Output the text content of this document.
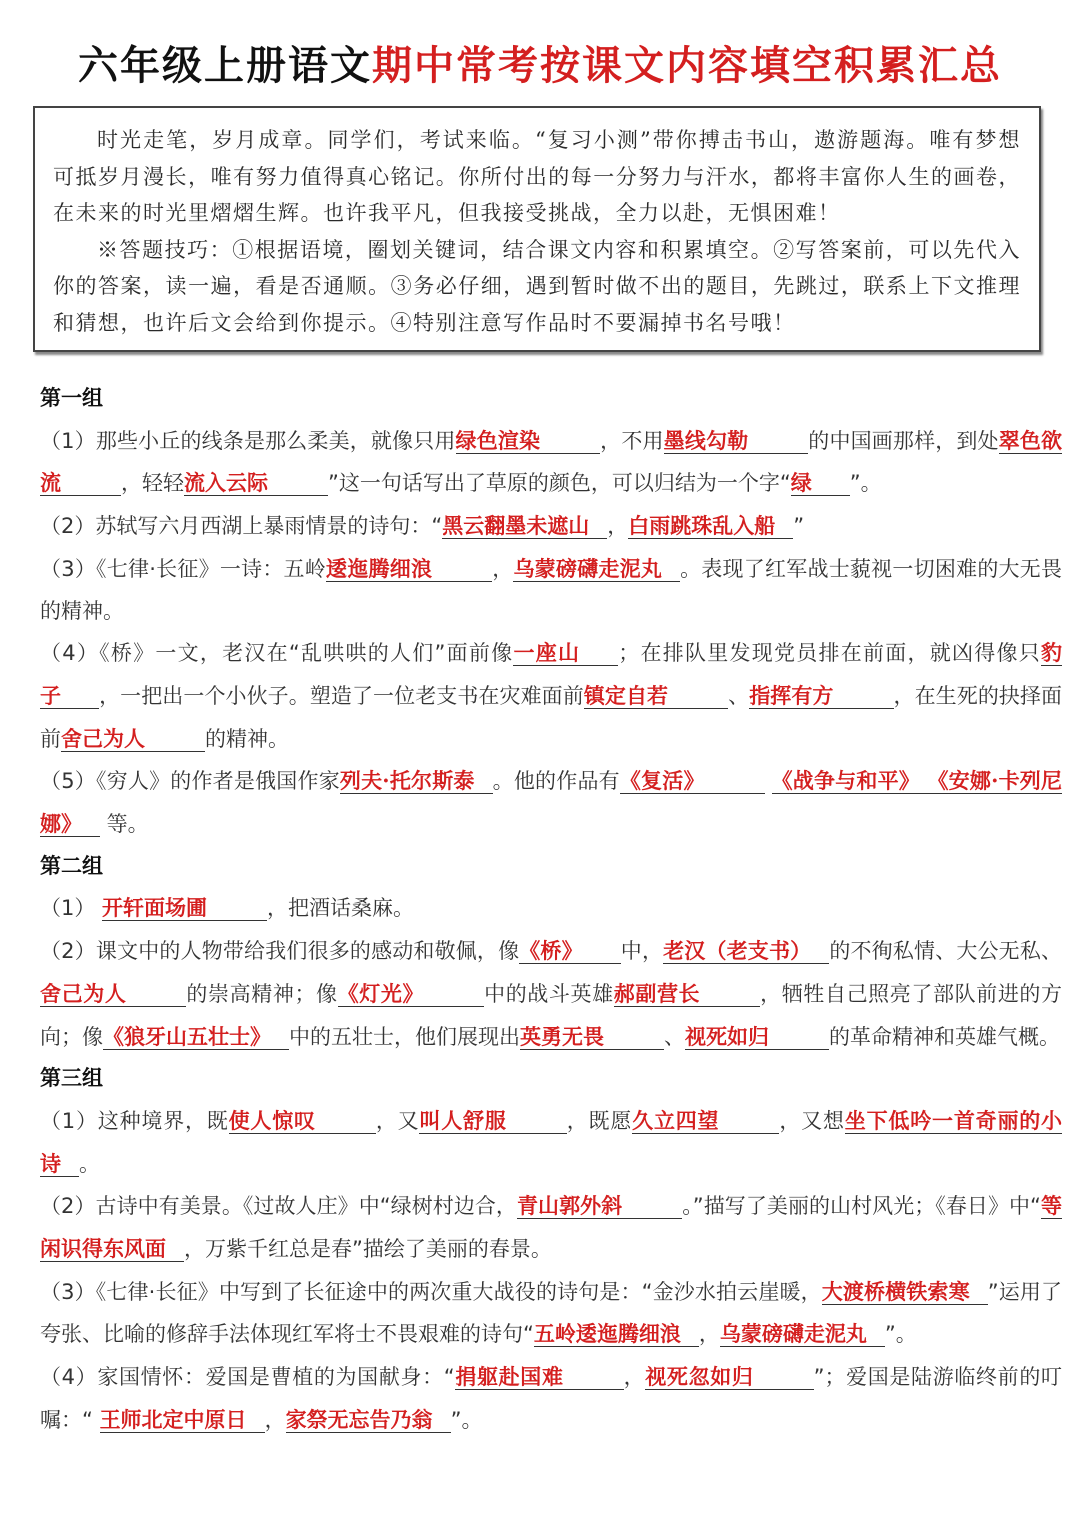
六年级上册语文期中常考按课文内容填空积累汇总

时光走笔，岁月成章。同学们，考试来临。“复习小测”带你搏击书山，遨游题海。唯有梦想可抵岁月漫长，唯有努力值得真心铭记。你所付出的每一分努力与汗水，都将丰富你人生的画卷，在未来的时光里熠熠生辉。也许我平凡，但我接受挑战，全力以赴，无惧困难！

※答题技巧：①根据语境，圈划关键词，结合课文内容和积累填空。②写答案前，可以先代入你的答案，读一遍，看是否通顺。③务必仔细，遇到暂时做不出的题目，先跳过，联系上下文推理和猜想，也许后文会给到你提示。④特别注意写作品时不要漏掉书名号哦！

第一组

（1）那些小丘的线条是那么柔美，就像只用绿色渲染	，不用墨线勾勒	的中国画那样，到处翠色欲流	，轻轻流入云际	”这一句话写出了草原的颜色，可以归结为一个字“绿 ”。

（2）苏轼写六月西湖上暴雨情景的诗句：“黑云翻墨未遮山 ，白雨跳珠乱入船 ”

（3）《七律·长征》一诗：五岭逶迤腾细浪	，乌蒙磅礴走泥丸 。表现了红军战士藐视一切困难的大无畏的精神。

（4）《桥》一文，老汉在“乱哄哄的人们”面前像一座山 ；在排队里发现党员排在前面，就凶得像只豹子 ，一把出一个小伙子。塑造了一位老支书在灾难面前镇定自若	、指挥有方	，在生死的抉择面前舍己为人	的精神。

（5）《穷人》的作者是俄国作家列夫·托尔斯泰 。他的作品有《复活》	《战争与和平》 《安娜·卡列尼娜》 等。

第二组

（1） 开轩面场圃	，把酒话桑麻。

（2）课文中的人物带给我们很多的感动和敬佩，像《桥》 中，老汉（老支书） 的不徇私情、大公无私、舍己为人	的崇高精神；像《灯光》	中的战斗英雄郝副营长	，牺牲自己照亮了部队前进的方向；像《狼牙山五壮士》 中的五壮士，他们展现出英勇无畏	、视死如归	的革命精神和英雄气概。

第三组

（1）这种境界，既使人惊叹	，又叫人舒服	，既愿久立四望	，又想坐下低吟一首奇丽的小诗 。

（2）古诗中有美景。《过故人庄》中“绿树村边合，青山郭外斜	。”描写了美丽的山村风光；《春日》中“等闲识得东风面 ，万紫千红总是春”描绘了美丽的春景。

（3）《七律·长征》中写到了长征途中的两次重大战役的诗句是：“金沙水拍云崖暖，大渡桥横铁索寒 ”运用了夸张、比喻的修辞手法体现红军将士不畏艰难的诗句“五岭逶迤腾细浪 ，乌蒙磅礴走泥丸 ”。

（4）家国情怀：爱国是曹植的为国献身：“捐躯赴国难	，视死忽如归	”；爱国是陆游临终前的叮嘱：“ 王师北定中原日 ，家祭无忘告乃翁 ”。
